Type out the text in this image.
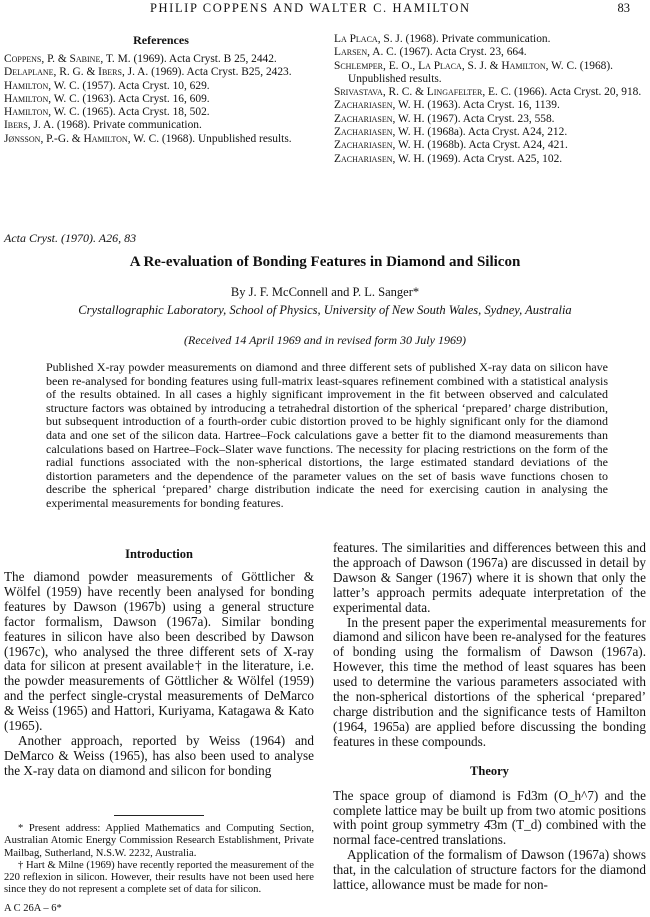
PHILIP COPPENS AND WALTER C. HAMILTON	83
References

Coppens, P. & Sabine, T. M. (1969). Acta Cryst. B 25, 2442.

Delaplane, R. G. & Ibers, J. A. (1969). Acta Cryst. B25, 2423.

Hamilton, W. C. (1957). Acta Cryst. 10, 629.

Hamilton, W. C. (1963). Acta Cryst. 16, 609.

Hamilton, W. C. (1965). Acta Cryst. 18, 502.

Ibers, J. A. (1968). Private communication.

Jønsson, P.-G. & Hamilton, W. C. (1968). Unpublished results.

La Placa, S. J. (1968). Private communication.

Larsen, A. C. (1967). Acta Cryst. 23, 664.

Schlemper, E. O., La Placa, S. J. & Hamilton, W. C. (1968). Unpublished results.

Srivastava, R. C. & Lingafelter, E. C. (1966). Acta Cryst. 20, 918.

Zachariasen, W. H. (1963). Acta Cryst. 16, 1139.

Zachariasen, W. H. (1967). Acta Cryst. 23, 558.

Zachariasen, W. H. (1968a). Acta Cryst. A24, 212.

Zachariasen, W. H. (1968b). Acta Cryst. A24, 421.

Zachariasen, W. H. (1969). Acta Cryst. A25, 102.

Acta Cryst. (1970). A26, 83
A Re-evaluation of Bonding Features in Diamond and Silicon
By J. F. McConnell and P. L. Sanger*
Crystallographic Laboratory, School of Physics, University of New South Wales, Sydney, Australia
(Received 14 April 1969 and in revised form 30 July 1969)
Published X-ray powder measurements on diamond and three different sets of published X-ray data on silicon have been re-analysed for bonding features using full-matrix least-squares refinement combined with a statistical analysis of the results obtained. In all cases a highly significant improvement in the fit between observed and calculated structure factors was obtained by introducing a tetrahedral distortion of the spherical ‘prepared’ charge distribution, but subsequent introduction of a fourth-order cubic distortion proved to be highly significant only for the diamond data and one set of the silicon data. Hartree–Fock calculations gave a better fit to the diamond measurements than calculations based on Hartree–Fock–Slater wave functions. The necessity for placing restrictions on the form of the radial functions associated with the non-spherical distortions, the large estimated standard deviations of the distortion parameters and the dependence of the parameter values on the set of basis wave functions chosen to describe the spherical ‘prepared’ charge distribution indicate the need for exercising caution in analysing the experimental measurements for bonding features.
Introduction

The diamond powder measurements of Göttlicher & Wölfel (1959) have recently been analysed for bonding features by Dawson (1967b) using a general structure factor formalism, Dawson (1967a). Similar bonding features in silicon have also been described by Dawson (1967c), who analysed the three different sets of X-ray data for silicon at present available† in the literature, i.e. the powder measurements of Göttlicher & Wölfel (1959) and the perfect single-crystal measurements of DeMarco & Weiss (1965) and Hattori, Kuriyama, Katagawa & Kato (1965).

Another approach, reported by Weiss (1964) and DeMarco & Weiss (1965), has also been used to analyse the X-ray data on diamond and silicon for bonding

* Present address: Applied Mathematics and Computing Section, Australian Atomic Energy Commission Research Establishment, Private Mailbag, Sutherland, N.S.W. 2232, Australia.

† Hart & Milne (1969) have recently reported the measurement of the 220 reflexion in silicon. However, their results have not been used here since they do not represent a complete set of data for silicon.

A C 26A – 6*

features. The similarities and differences between this and the approach of Dawson (1967a) are discussed in detail by Dawson & Sanger (1967) where it is shown that only the latter’s approach permits adequate interpretation of the experimental data.

In the present paper the experimental measurements for diamond and silicon have been re-analysed for the features of bonding using the formalism of Dawson (1967a). However, this time the method of least squares has been used to determine the various parameters associated with the non-spherical distortions of the spherical ‘prepared’ charge distribution and the significance tests of Hamilton (1964, 1965a) are applied before discussing the bonding features in these compounds.

Theory

The space group of diamond is Fd3m (O_h^7) and the complete lattice may be built up from two atomic positions with point group symmetry 4̄3m (T_d) combined with the normal face-centred translations.

Application of the formalism of Dawson (1967a) shows that, in the calculation of structure factors for the diamond lattice, allowance must be made for non-
